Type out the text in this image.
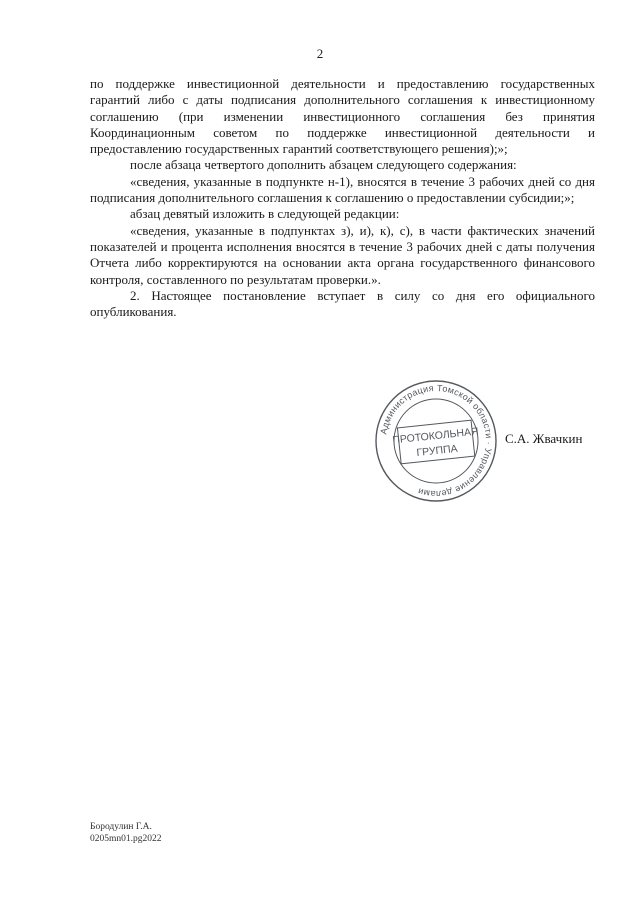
2

по поддержке инвестиционной деятельности и предоставлению государственных гарантий либо с даты подписания дополнительного соглашения к инвестиционному соглашению (при изменении инвестиционного соглашения без принятия Координационным советом по поддержке инвестиционной деятельности и предоставлению государственных гарантий соответствующего решения);»;

после абзаца четвертого дополнить абзацем следующего содержания:

«сведения, указанные в подпункте н-1), вносятся в течение 3 рабочих дней со дня подписания дополнительного соглашения к соглашению о предоставлении субсидии;»;

абзац девятый изложить в следующей редакции:

«сведения, указанные в подпунктах з), и), к), с), в части фактических значений показателей и процента исполнения вносятся в течение 3 рабочих дней с даты получения Отчета либо корректируются на основании акта органа государственного финансового контроля, составленного по результатам проверки.».

2. Настоящее постановление вступает в силу со дня его официального опубликования.

Администрация Томской области · Управление делами
ПРОТОКОЛЬНАЯ
ГРУППА
С.А. Жвачкин
Бородулин Г.А.
0205mn01.pg2022
